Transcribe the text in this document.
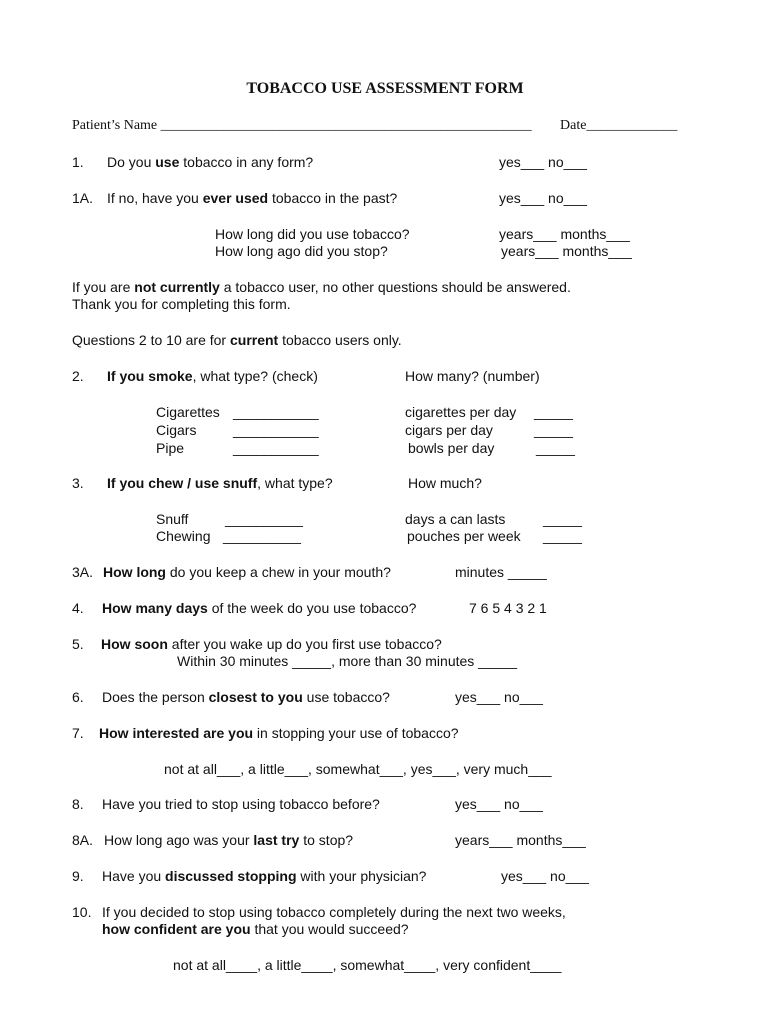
TOBACCO USE ASSESSMENT FORM
Patient’s Name _____________________________________________________ Date_____________
1. Do you use tobacco in any form?	yes___ no___
1A. If no, have you ever used tobacco in the past?	yes___ no___
How long did you use tobacco?	years___ months___
How long ago did you stop?	years___ months___
If you are not currently a tobacco user, no other questions should be answered.
Thank you for completing this form.
Questions 2 to 10 are for current tobacco users only.
2. If you smoke, what type? (check)	How many? (number)
Cigarettes ___________	cigarettes per day _____
Cigars	___________	cigars per day	_____
Pipe	___________	bowls per day	_____
3. If you chew / use snuff, what type?	How much?
Snuff	__________	days a can lasts	_____
Chewing __________	pouches per week _____
3A. How long do you keep a chew in your mouth?	minutes _____
4. How many days of the week do you use tobacco?	7 6 5 4 3 2 1
5. How soon after you wake up do you first use tobacco?
Within 30 minutes _____, more than 30 minutes _____
6. Does the person closest to you use tobacco?	yes___ no___
7. How interested are you in stopping your use of tobacco?
not at all___, a little___, somewhat___, yes___, very much___
8. Have you tried to stop using tobacco before?	yes___ no___
8A. How long ago was your last try to stop?	years___ months___
9. Have you discussed stopping with your physician?	yes___ no___
10. If you decided to stop using tobacco completely during the next two weeks,
how confident are you that you would succeed?
not at all____, a little____, somewhat____, very confident____
